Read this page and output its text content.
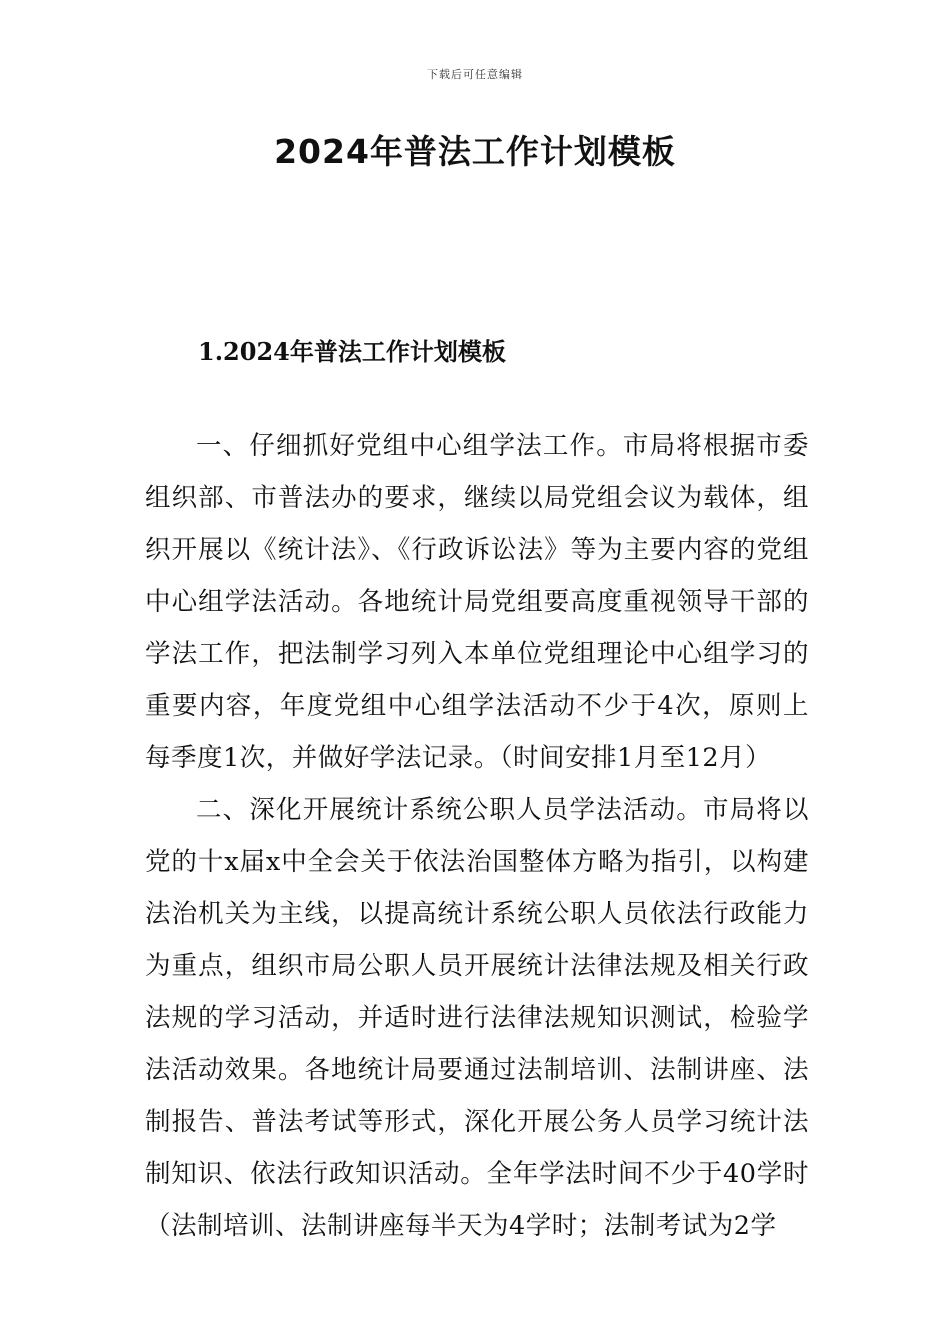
下载后可任意编辑
2024年普法工作计划模板
1.2024年普法工作计划模板

一、仔细抓好党组中心组学法工作。市局将根据市委组织部、市普法办的要求，继续以局党组会议为载体，组织开展以《统计法》、《行政诉讼法》等为主要内容的党组中心组学法活动。各地统计局党组要高度重视领导干部的学法工作，把法制学习列入本单位党组理论中心组学习的重要内容，年度党组中心组学法活动不少于4次，原则上每季度1次，并做好学法记录。（时间安排1月至12月）

二、深化开展统计系统公职人员学法活动。市局将以党的十x届x中全会关于依法治国整体方略为指引，以构建法治机关为主线，以提高统计系统公职人员依法行政能力为重点，组织市局公职人员开展统计法律法规及相关行政法规的学习活动，并适时进行法律法规知识测试，检验学法活动效果。各地统计局要通过法制培训、法制讲座、法制报告、普法考试等形式，深化开展公务人员学习统计法制知识、依法行政知识活动。全年学法时间不少于40学时（法制培训、法制讲座每半天为4学时；法制考试为2学
